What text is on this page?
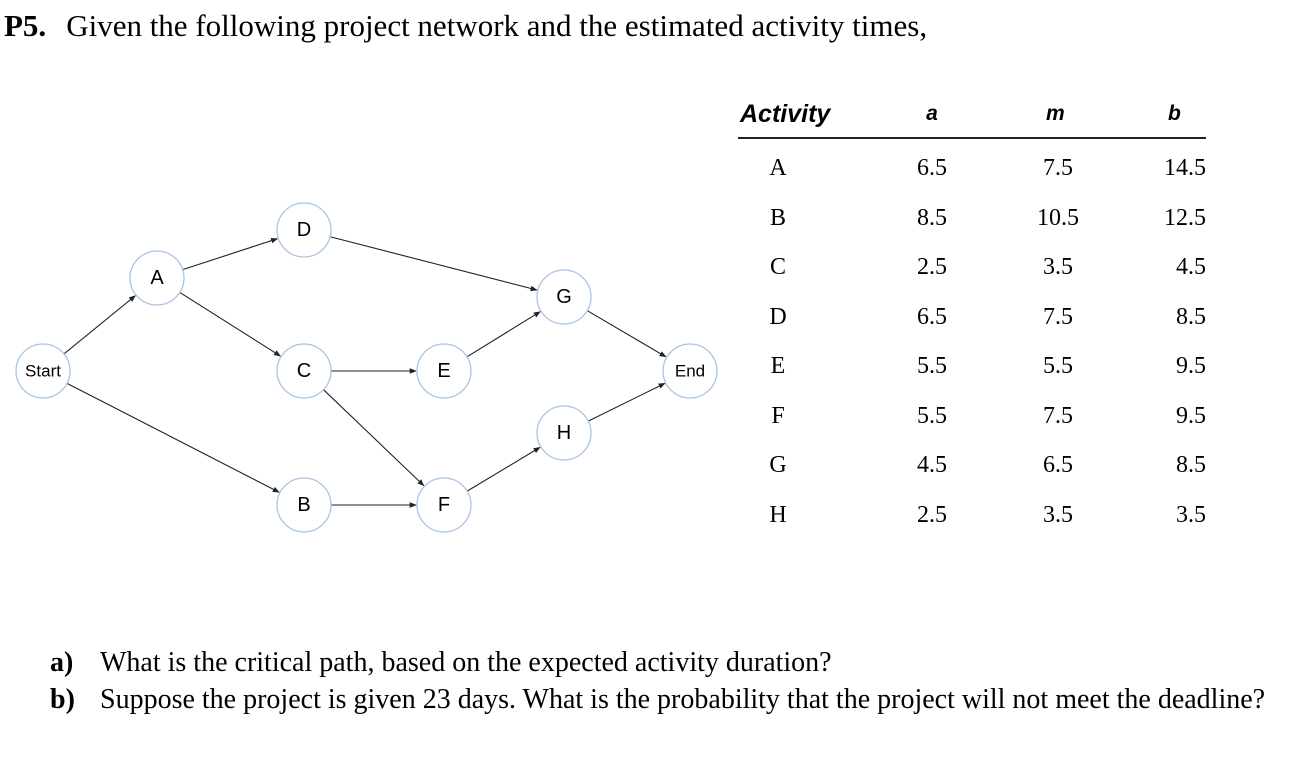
P5. Given the following project network and the estimated activity times,
Start
A
B
C
D
E
F
G
H
End
Activity	a	m	b
A	6.5	7.5	14.5
B	8.5	10.5	12.5
C	2.5	3.5	4.5
D	6.5	7.5	8.5
E	5.5	5.5	9.5
F	5.5	7.5	9.5
G	4.5	6.5	8.5
H	2.5	3.5	3.5
a) What is the critical path, based on the expected activity duration?
b) Suppose the project is given 23 days. What is the probability that the project will not meet the deadline?
